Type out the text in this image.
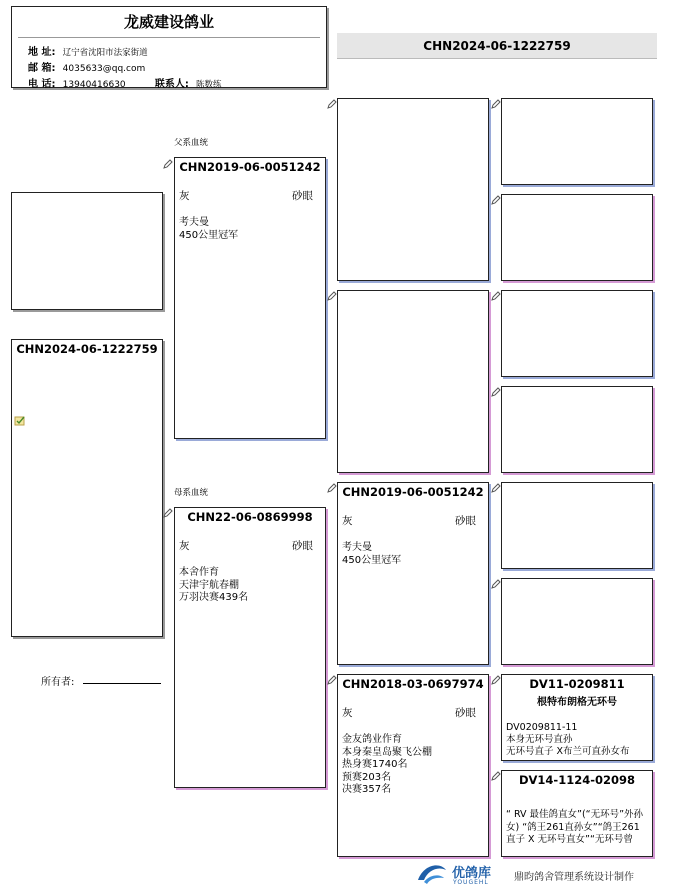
龙威建设鸽业
地 址: 辽宁省沈阳市法家街道
邮 箱: 4035633@qq.com
电 话: 13940416630	联系人: 陈数练
CHN2024-06-1222759
父系血统
母系血统
CHN2024-06-1222759
所有者:
CHN2019-06-0051242
灰	砂眼
考夫曼
450公里冠军
CHN22-06-0869998
灰	砂眼
本舍作育
天津宇航春棚
万羽决赛439名
CHN2019-06-0051242
灰	砂眼
考夫曼
450公里冠军
CHN2018-03-0697974
灰	砂眼
金友鸽业作育
本身秦皇岛聚飞公棚
热身赛1740名
预赛203名
决赛357名
DV11-0209811
根特布朗格无环号
DV0209811-11
本身无环号直孙
无环号直子 X布兰可直孙女布
DV14-1124-02098
“ RV 最佳鸽直女”(“无环号”外孙
女) “鸽王261直孙女”“鸽王261
直子 X 无环号直女”“无环号曾
优鸽库
YOUGEHL	鼎昀鸽舍管理系统设计制作
